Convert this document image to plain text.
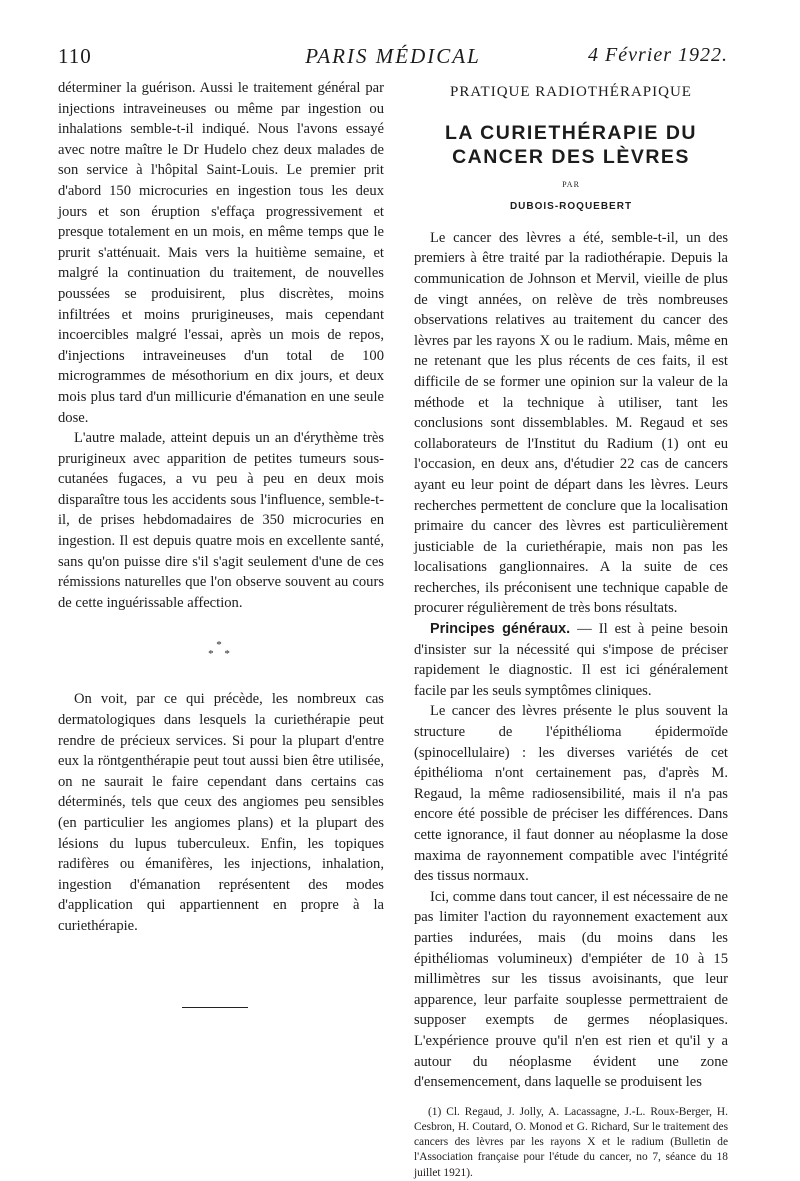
110	PARIS MÉDICAL	4 Février 1922.

déterminer la guérison. Aussi le traitement général par injections intraveineuses ou même par ingestion ou inhalations semble-t-il indiqué. Nous l'avons essayé avec notre maître le Dr Hudelo chez deux malades de son service à l'hôpital Saint-Louis. Le premier prit d'abord 150 microcuries en ingestion tous les deux jours et son éruption s'effaça progressivement et presque totalement en un mois, en même temps que le prurit s'atténuait. Mais vers la huitième semaine, et malgré la continuation du traitement, de nouvelles poussées se produisirent, plus discrètes, moins infiltrées et moins prurigineuses, mais cependant incoercibles malgré l'essai, après un mois de repos, d'injections intraveineuses d'un total de 100 microgrammes de mésothorium en dix jours, et deux mois plus tard d'un millicurie d'émanation en une seule dose.

L'autre malade, atteint depuis un an d'érythème très prurigineux avec apparition de petites tumeurs sous-cutanées fugaces, a vu peu à peu en deux mois disparaître tous les accidents sous l'influence, semble-t-il, de prises hebdomadaires de 350 microcuries en ingestion. Il est depuis quatre mois en excellente santé, sans qu'on puisse dire s'il s'agit seulement d'une de ces rémissions naturelles que l'on observe souvent au cours de cette inguérissable affection.

*
* *

On voit, par ce qui précède, les nombreux cas dermatologiques dans lesquels la curiethérapie peut rendre de précieux services. Si pour la plupart d'entre eux la röntgenthérapie peut tout aussi bien être utilisée, on ne saurait le faire cependant dans certains cas déterminés, tels que ceux des angiomes peu sensibles (en particulier les angiomes plans) et la plupart des lésions du lupus tuberculeux. Enfin, les topiques radifères ou émanifères, les injections, inhalation, ingestion d'émanation représentent des modes d'application qui appartiennent en propre à la curiethérapie.

PRATIQUE RADIOTHÉRAPIQUE
LA CURIETHÉRAPIE DU
CANCER DES LÈVRES
PAR
DUBOIS-ROQUEBERT

Le cancer des lèvres a été, semble-t-il, un des premiers à être traité par la radiothérapie. Depuis la communication de Johnson et Mervil, vieille de plus de vingt années, on relève de très nombreuses observations relatives au traitement du cancer des lèvres par les rayons X ou le radium. Mais, même en ne retenant que les plus récents de ces faits, il est difficile de se former une opinion sur la valeur de la méthode et la technique à utiliser, tant les conclusions sont dissemblables. M. Regaud et ses collaborateurs de l'Institut du Radium (1) ont eu l'occasion, en deux ans, d'étudier 22 cas de cancers ayant eu leur point de départ dans les lèvres. Leurs recherches permettent de conclure que la localisation primaire du cancer des lèvres est particulièrement justiciable de la curiethérapie, mais non pas les localisations ganglionnaires. A la suite de ces recherches, ils préconisent une technique capable de procurer régulièrement de très bons résultats.

Principes généraux. — Il est à peine besoin d'insister sur la nécessité qui s'impose de préciser rapidement le diagnostic. Il est ici généralement facile par les seuls symptômes cliniques.

Le cancer des lèvres présente le plus souvent la structure de l'épithélioma épidermoïde (spinocellulaire) : les diverses variétés de cet épithélioma n'ont certainement pas, d'après M. Regaud, la même radiosensibilité, mais il n'a pas encore été possible de préciser les différences. Dans cette ignorance, il faut donner au néoplasme la dose maxima de rayonnement compatible avec l'intégrité des tissus normaux.

Ici, comme dans tout cancer, il est nécessaire de ne pas limiter l'action du rayonnement exactement aux parties indurées, mais (du moins dans les épithéliomas volumineux) d'empiéter de 10 à 15 millimètres sur les tissus avoisinants, que leur apparence, leur parfaite souplesse permettraient de supposer exempts de germes néoplasiques. L'expérience prouve qu'il n'en est rien et qu'il y a autour du néoplasme évident une zone d'ensemencement, dans laquelle se produisent les

(1) Cl. Regaud, J. Jolly, A. Lacassagne, J.-L. Roux-Berger, H. Cesbron, H. Coutard, O. Monod et G. Richard, Sur le traitement des cancers des lèvres par les rayons X et le radium (Bulletin de l'Association française pour l'étude du cancer, no 7, séance du 18 juillet 1921).
